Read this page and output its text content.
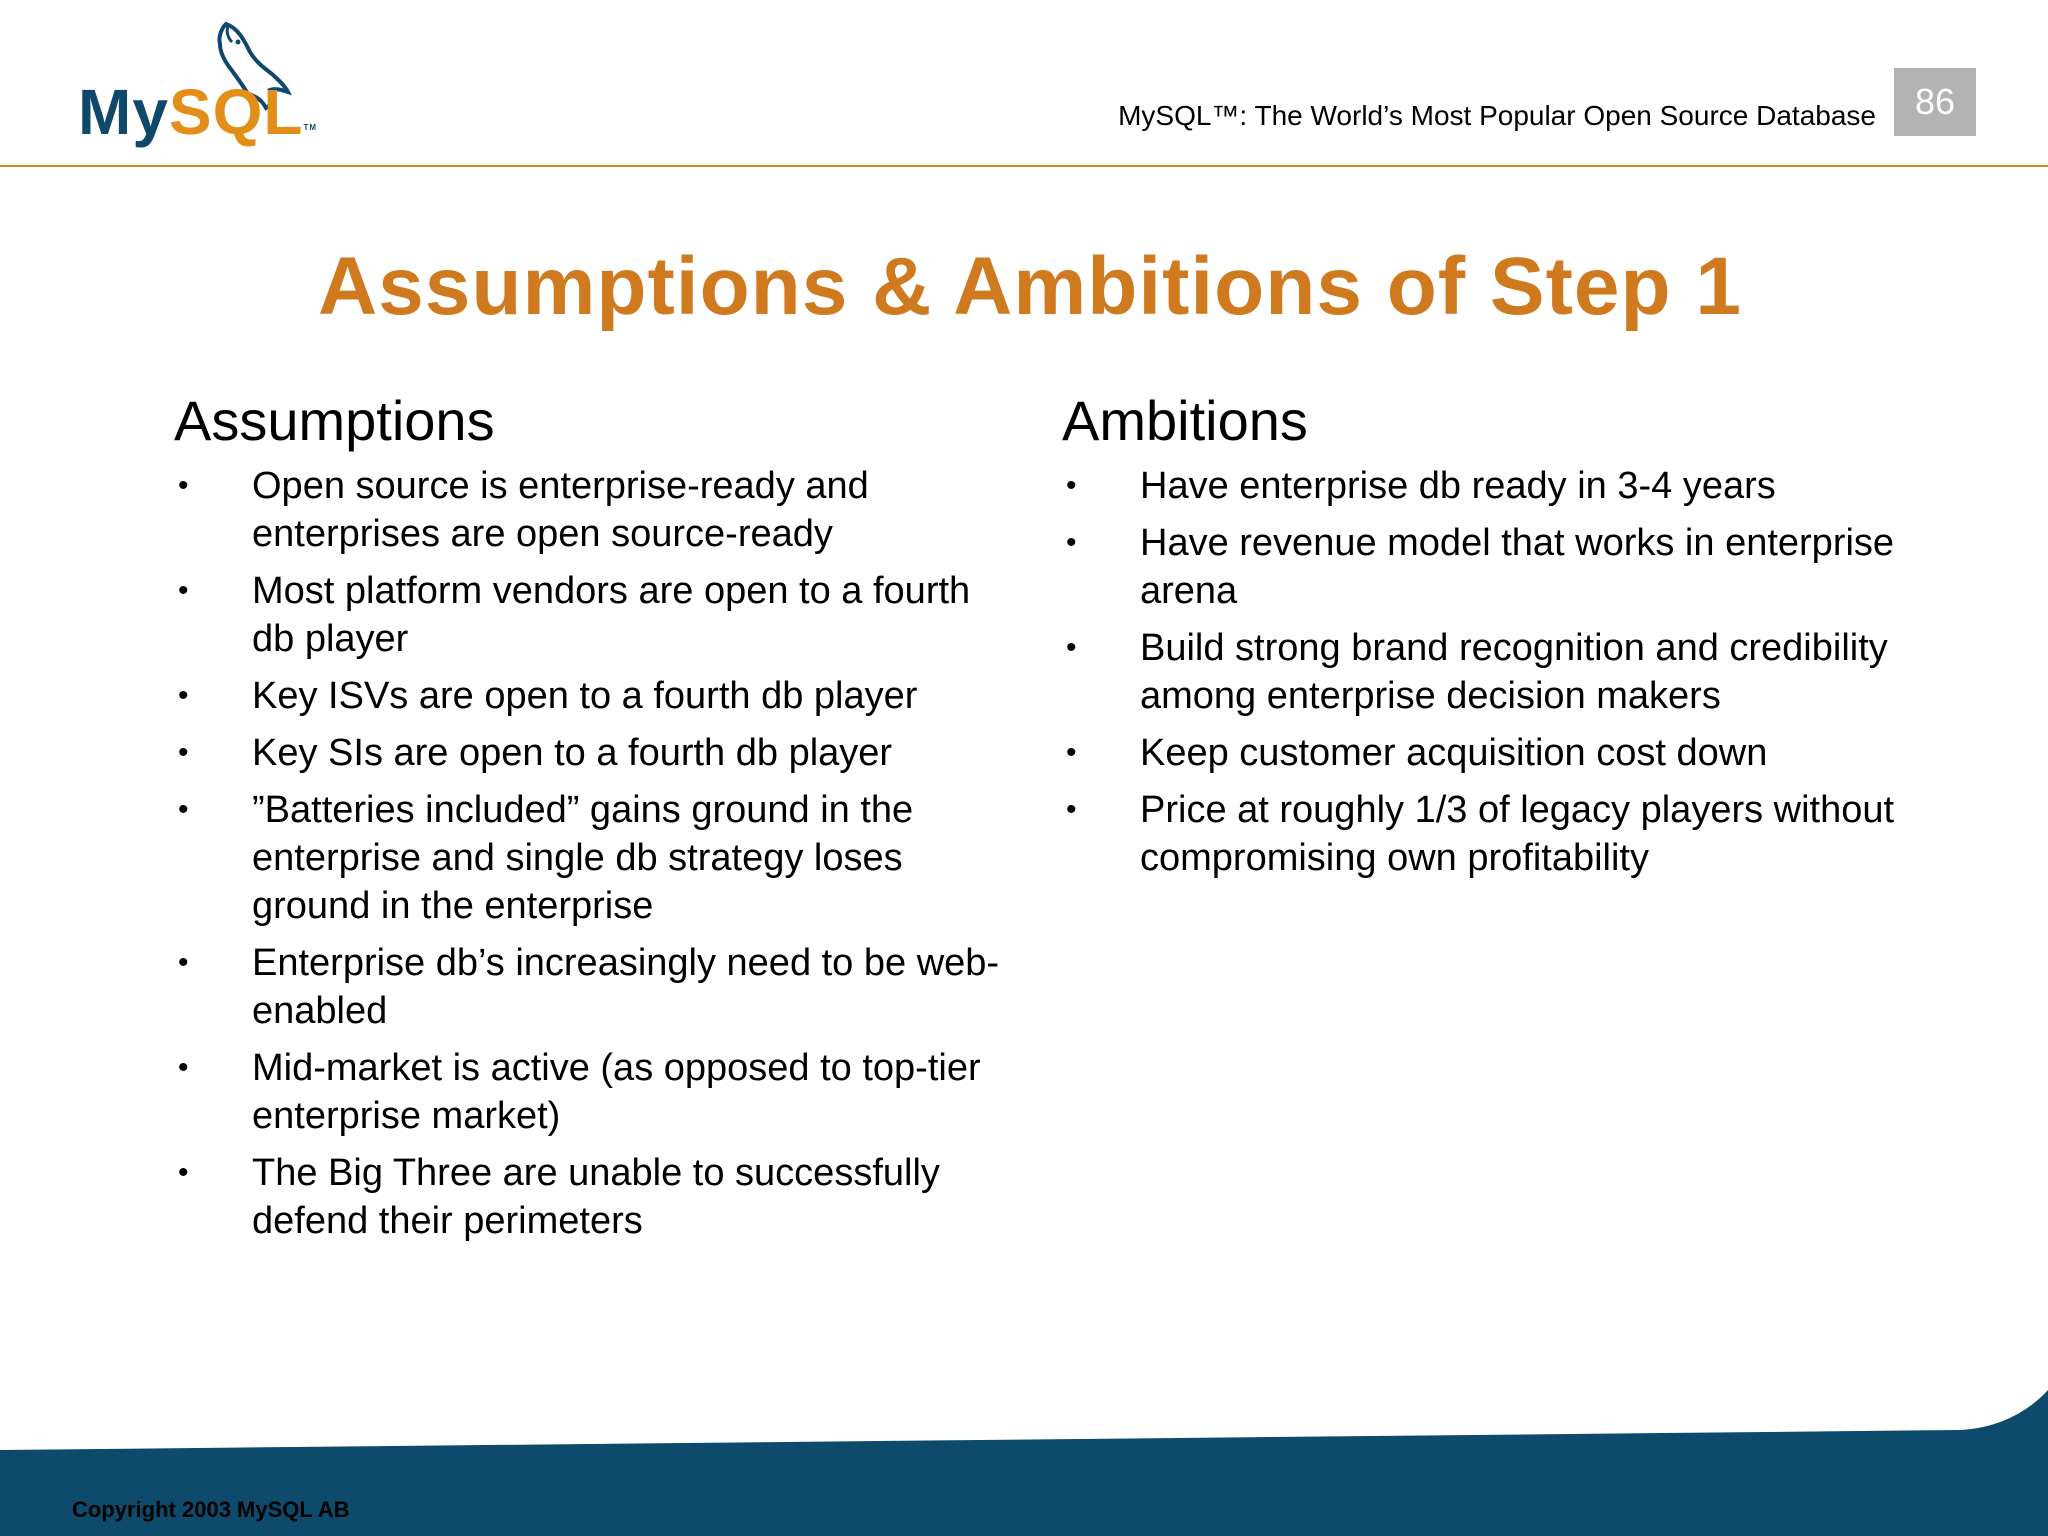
MySQL™	MySQL™: The World’s Most Popular Open Source Database	86
Assumptions & Ambitions of Step 1
Assumptions
• Open source is enterprise-ready and enterprises are open source-ready
• Most platform vendors are open to a fourth db player
• Key ISVs are open to a fourth db player
• Key SIs are open to a fourth db player
• ”Batteries included” gains ground in the enterprise and single db strategy loses ground in the enterprise
• Enterprise db’s increasingly need to be web-enabled
• Mid-market is active (as opposed to top-tier enterprise market)
• The Big Three are unable to successfully defend their perimeters
Ambitions
• Have enterprise db ready in 3-4 years
• Have revenue model that works in enterprise arena
• Build strong brand recognition and credibility among enterprise decision makers
• Keep customer acquisition cost down
• Price at roughly 1/3 of legacy players without compromising own profitability
Copyright 2003 MySQL AB
